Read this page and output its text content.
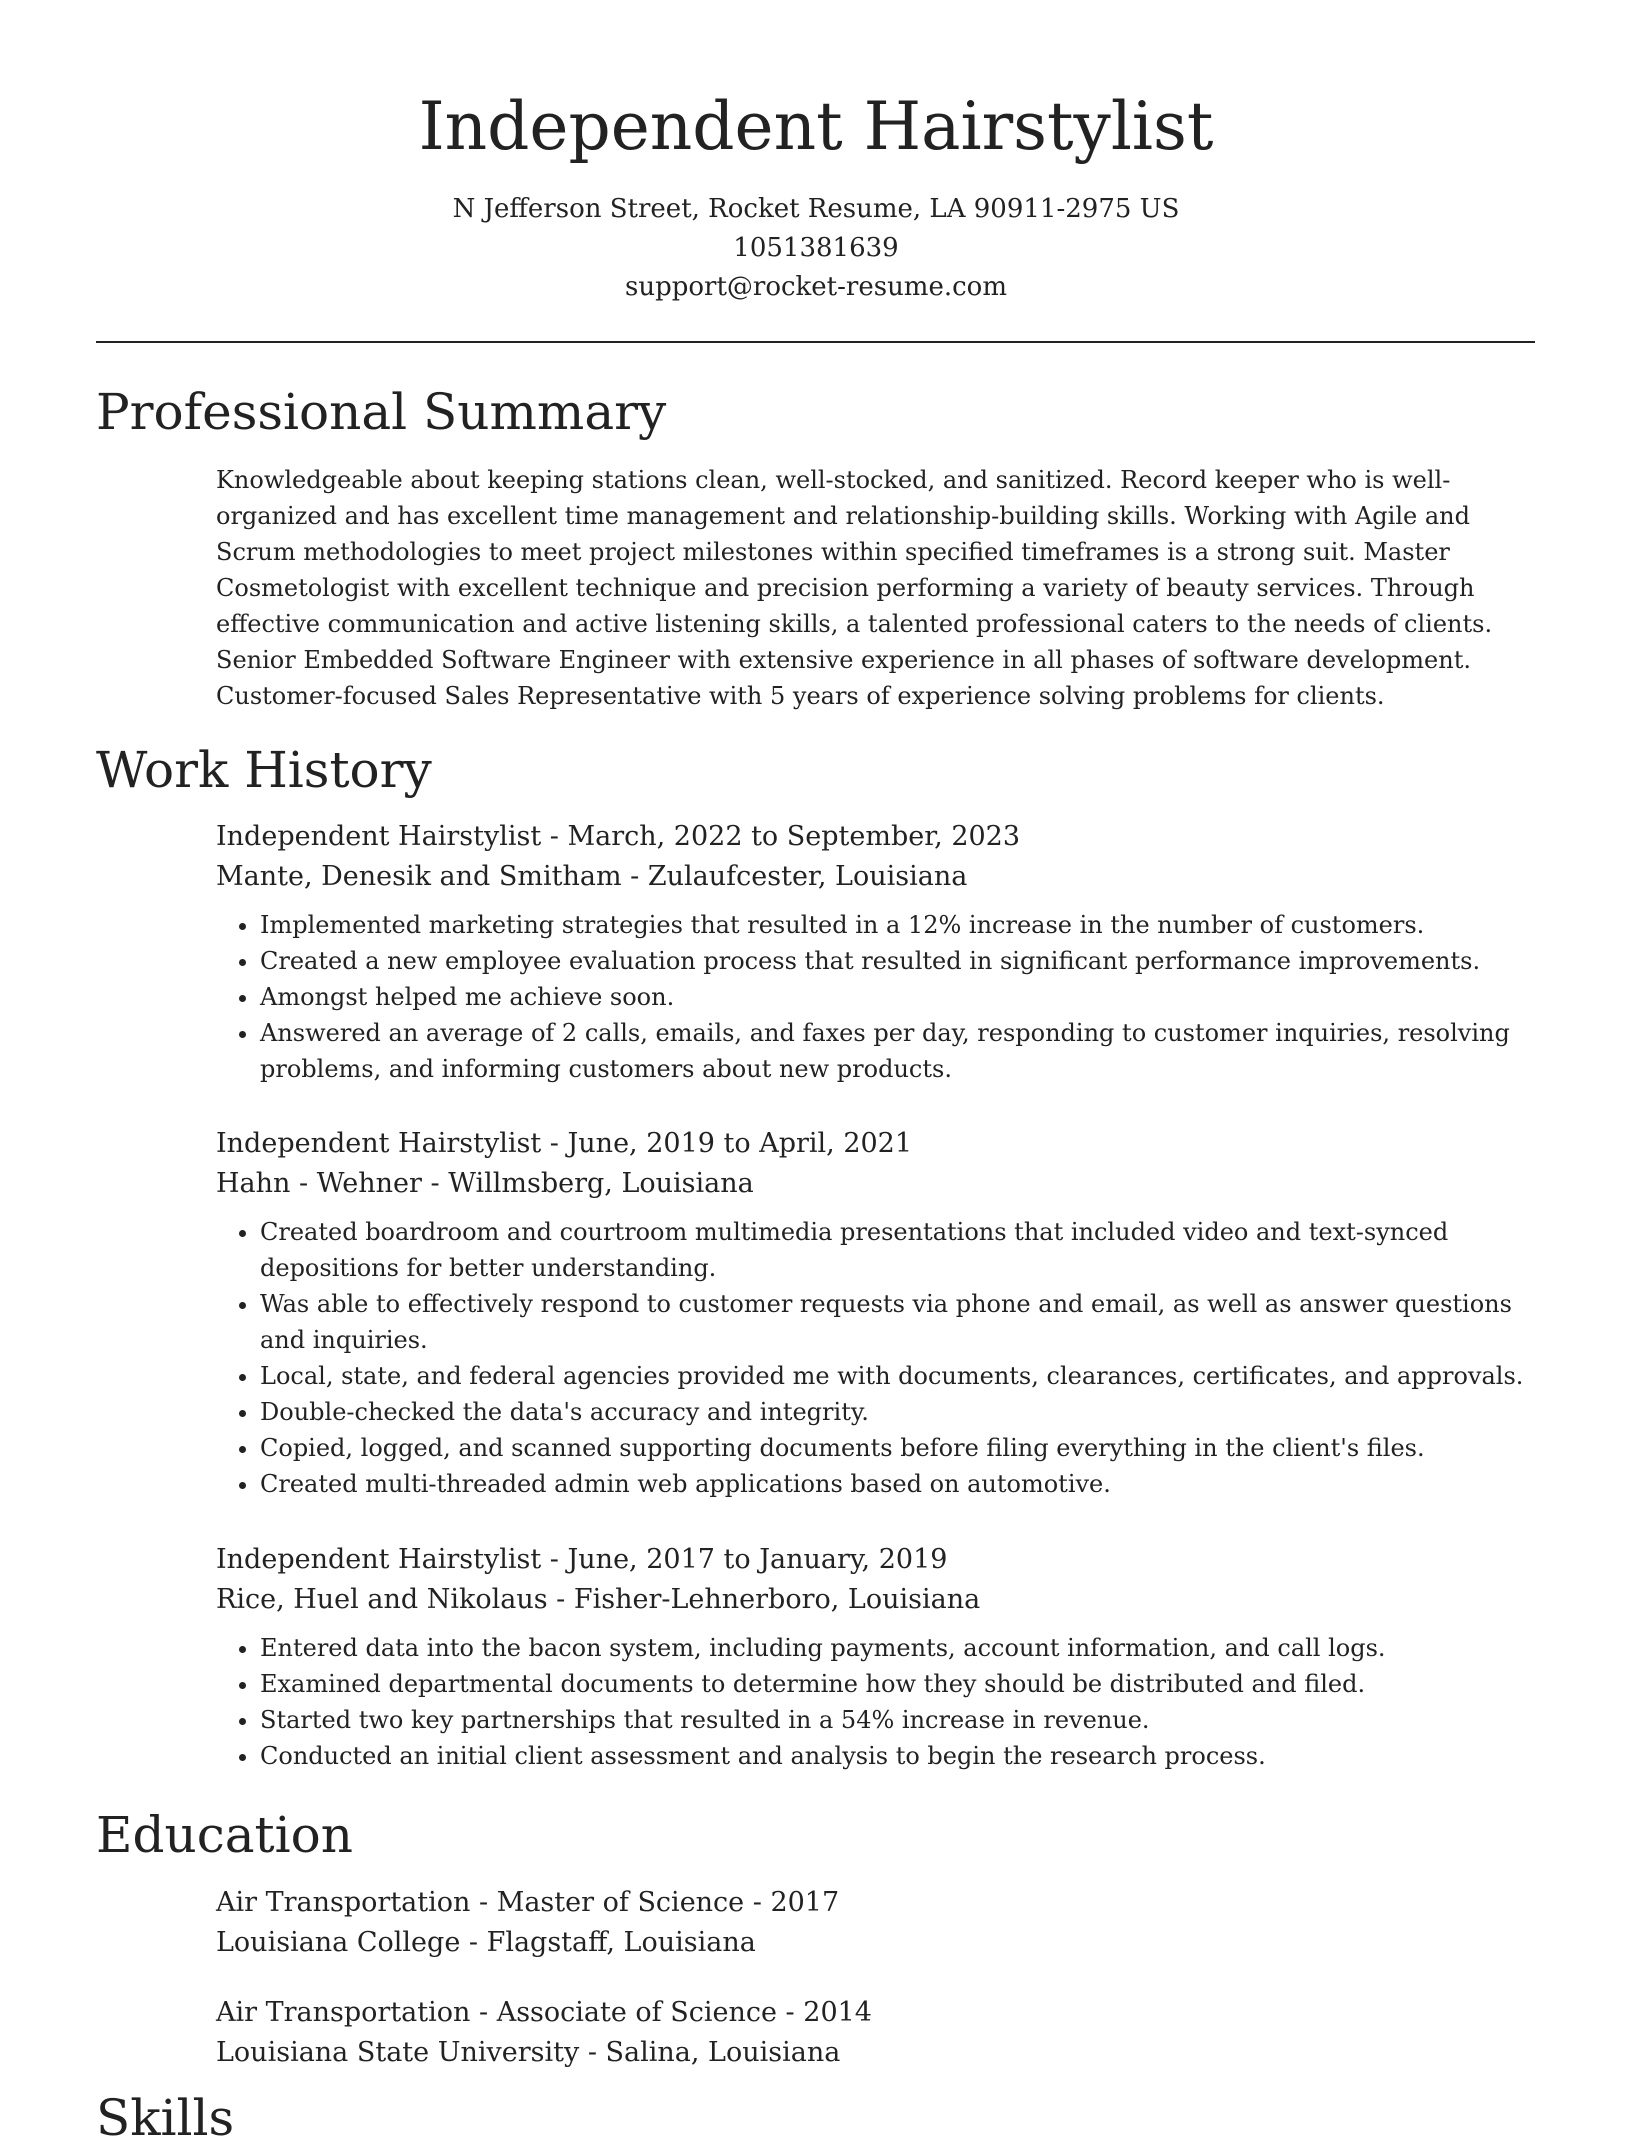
Independent Hairstylist
N Jefferson Street, Rocket Resume, LA 90911-2975 US
1051381639
support@rocket-resume.com
Professional Summary

Knowledgeable about keeping stations clean, well-stocked, and sanitized. Record keeper who is well-organized and has excellent time management and relationship-building skills. Working with Agile and Scrum methodologies to meet project milestones within specified timeframes is a strong suit. Master Cosmetologist with excellent technique and precision performing a variety of beauty services. Through effective communication and active listening skills, a talented professional caters to the needs of clients. Senior Embedded Software Engineer with extensive experience in all phases of software development. Customer-focused Sales Representative with 5 years of experience solving problems for clients.

Work History

Independent Hairstylist - March, 2022 to September, 2023

Mante, Denesik and Smitham - Zulaufcester, Louisiana

• Implemented marketing strategies that resulted in a 12% increase in the number of customers.
• Created a new employee evaluation process that resulted in significant performance improvements.
• Amongst helped me achieve soon.
• Answered an average of 2 calls, emails, and faxes per day, responding to customer inquiries, resolving problems, and informing customers about new products.

Independent Hairstylist - June, 2019 to April, 2021

Hahn - Wehner - Willmsberg, Louisiana

• Created boardroom and courtroom multimedia presentations that included video and text-synced depositions for better understanding.
• Was able to effectively respond to customer requests via phone and email, as well as answer questions and inquiries.
• Local, state, and federal agencies provided me with documents, clearances, certificates, and approvals.
• Double-checked the data's accuracy and integrity.
• Copied, logged, and scanned supporting documents before filing everything in the client's files.
• Created multi-threaded admin web applications based on automotive.

Independent Hairstylist - June, 2017 to January, 2019

Rice, Huel and Nikolaus - Fisher-Lehnerboro, Louisiana

• Entered data into the bacon system, including payments, account information, and call logs.
• Examined departmental documents to determine how they should be distributed and filed.
• Started two key partnerships that resulted in a 54% increase in revenue.
• Conducted an initial client assessment and analysis to begin the research process.
Education

Air Transportation - Master of Science - 2017

Louisiana College - Flagstaff, Louisiana

Air Transportation - Associate of Science - 2014

Louisiana State University - Salina, Louisiana

Skills
